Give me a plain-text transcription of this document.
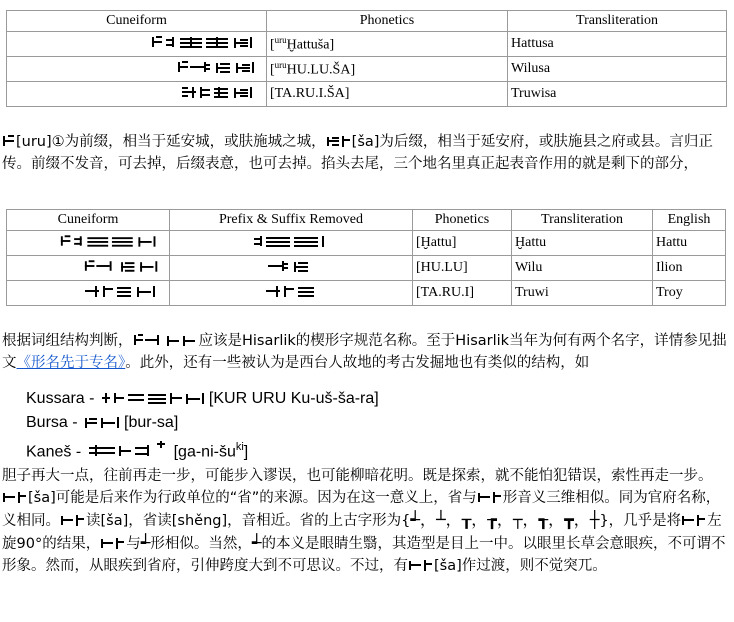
Cuneiform	Phonetics	Transliteration
	[$^{uru}$Ḫattuša]	Hattusa
	[$^{uru}$HU.LU.ŠA]	Wilusa
	[TA.RU.I.ŠA]	Truwisa

[uru]①为前缀，相当于延安城，或肤施城之城， [ša]为后缀，相当于延安府，或肤施县之府或县。言归正传。前缀不发音，可去掉，后缀表意，也可去掉。掐头去尾，三个地名里真正起表音作用的就是剩下的部分，

Cuneiform	Prefix & Suffix Removed	Phonetics	Transliteration	English
		[Ḫattu]	Ḫattu	Hattu
		[HU.LU]	Wilu	Ilion
		[TA.RU.I]	Truwi	Troy

根据词组结构判断，	应该是Hisarlik的楔形字规范名称。至于Hisarlik当年为何有两个名字，详情参见拙文《形名先于专名》。此外，还有一些被认为是西台人故地的考古发掘地也有类似的结构，如

Kussara -	[KUR URU Ku-uš-ša-ra]
Bursa -	[bur-sa]
Kaneš -	$[ga-ni-šu^{ki}]$

胆子再大一点，往前再走一步，可能步入谬误，也可能柳暗花明。既是探索，就不能怕犯错误，索性再走一步。[ša]可能是后来作为行政单位的“省”的来源。因为在这一意义上，省与 形音义三维相似。同为官府名称，义相同。 读[ša]，省读[shěng]，音相近。省的上古字形为{┵，┴，┰，┲，┬，┱，┳，┼}，几乎是将 左旋90°的结果， 与┵形相似。当然，┵的本义是眼睛生翳，其造型是目上一中。以眼里长草会意眼疾，不可谓不形象。然而，从眼疾到省府，引伸跨度大到不可思议。不过，有 [ša]作过渡，则不觉突兀。
